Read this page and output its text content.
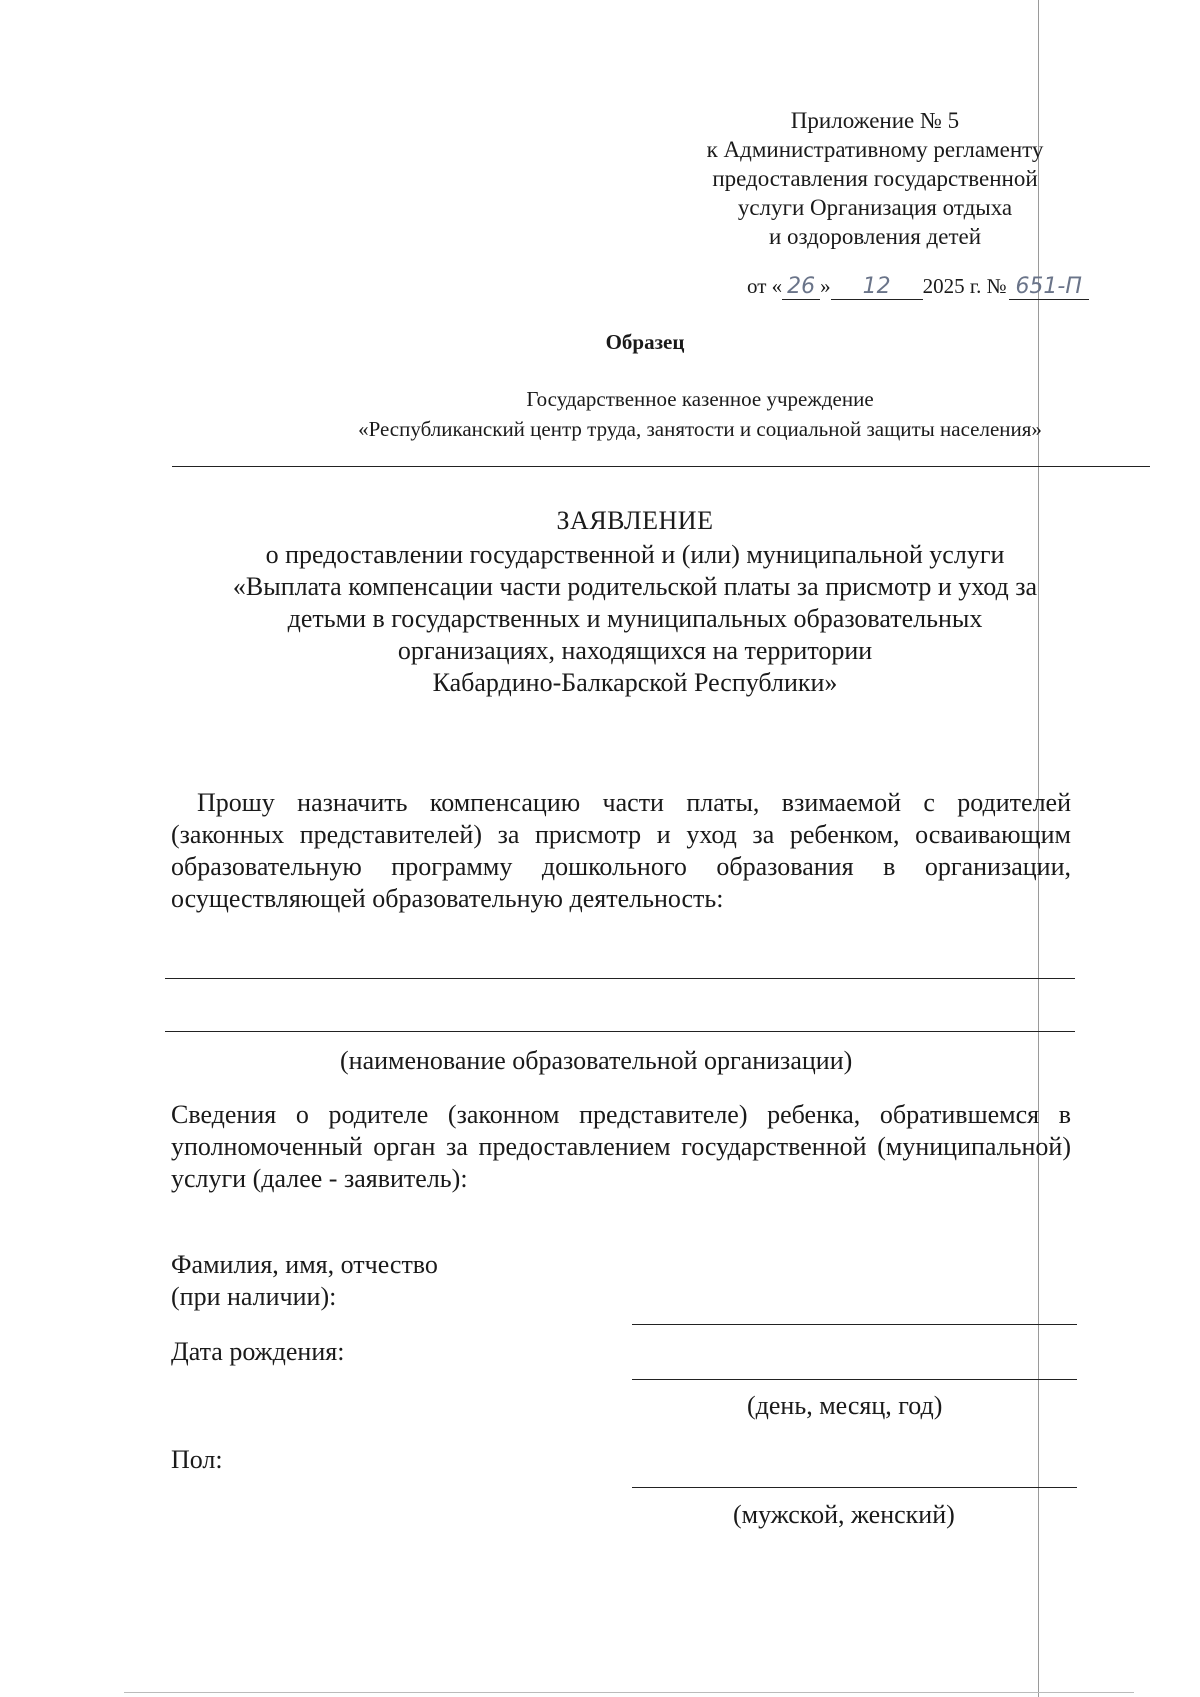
Приложение № 5
к Административному регламенту
предоставления государственной
услуги Организация отдыха
и оздоровления детей
от « 26 » 12 2025 г. № 651-П
Образец
Государственное казенное учреждение
«Республиканский центр труда, занятости и социальной защиты населения»
ЗАЯВЛЕНИЕ
о предоставлении государственной и (или) муниципальной услуги
«Выплата компенсации части родительской платы за присмотр и уход за
детьми в государственных и муниципальных образовательных
организациях, находящихся на территории
Кабардино-Балкарской Республики»
Прошу назначить компенсацию части платы, взимаемой с родителей (законных представителей) за присмотр и уход за ребенком, осваивающим образовательную программу дошкольного образования в организации, осуществляющей образовательную деятельность:
(наименование образовательной организации)
Сведения о родителе (законном представителе) ребенка, обратившемся в уполномоченный орган за предоставлением государственной (муниципальной) услуги (далее - заявитель):
Фамилия, имя, отчество
(при наличии):
Дата рождения:
(день, месяц, год)
Пол:
(мужской, женский)
